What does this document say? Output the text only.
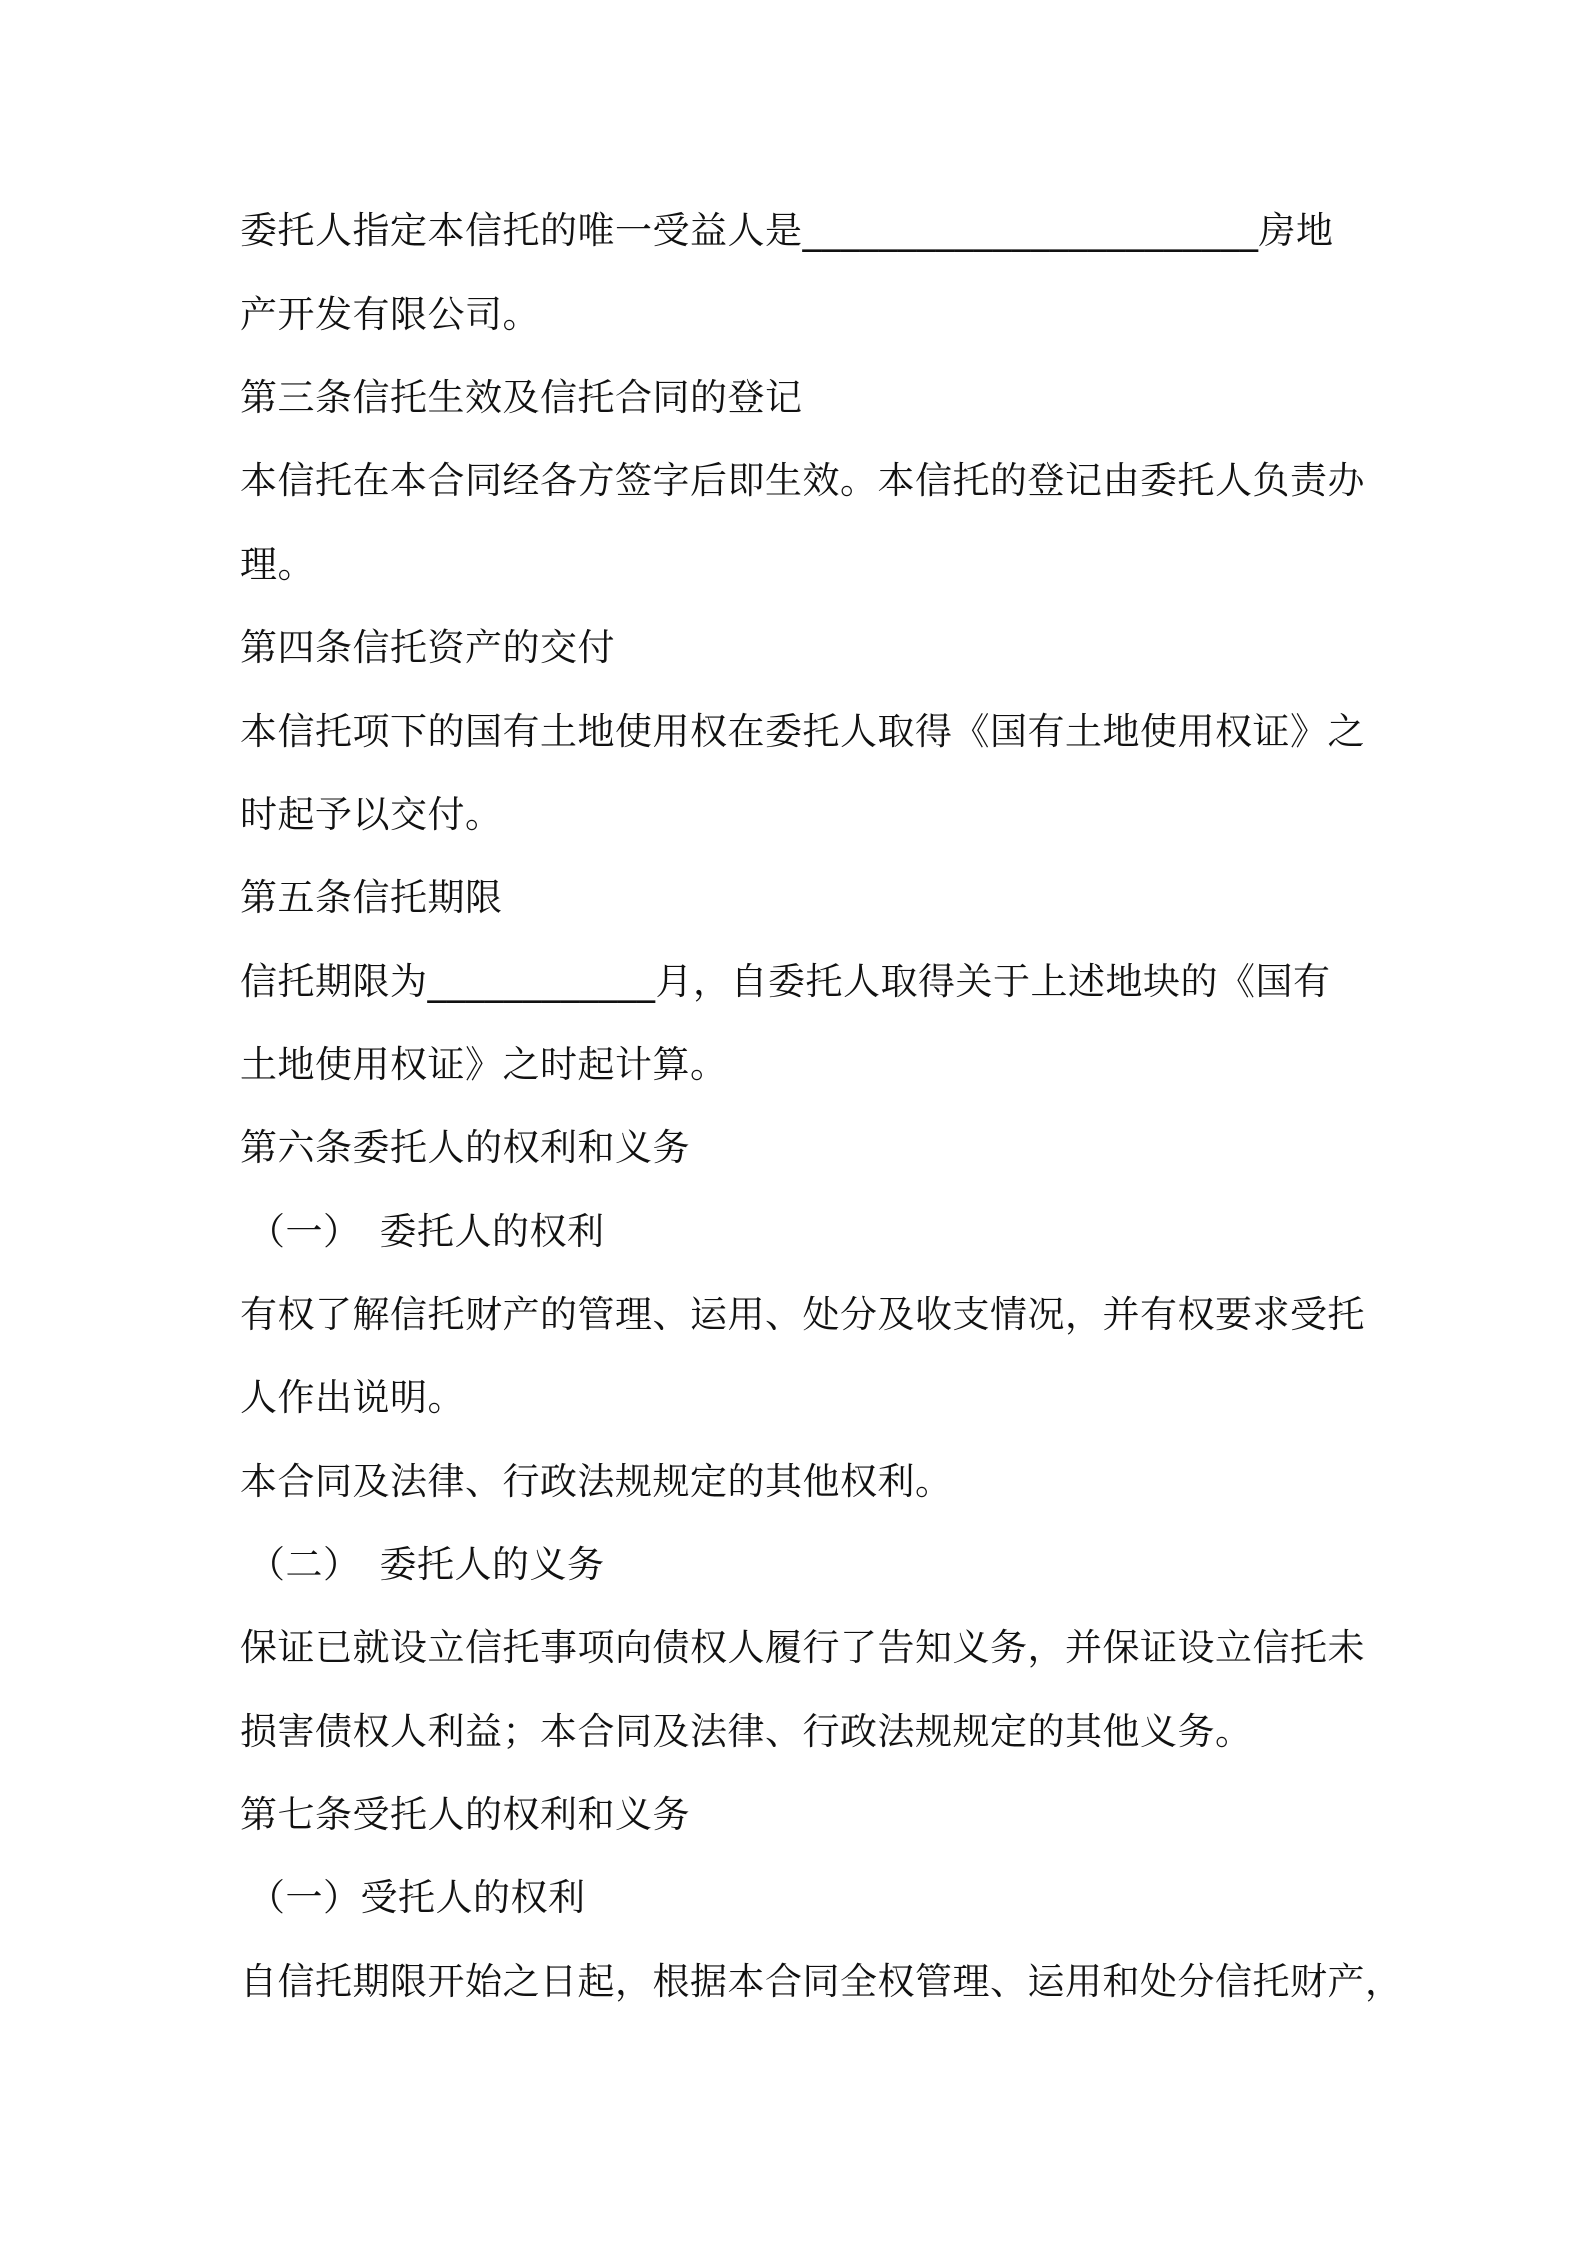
委托人指定本信托的唯一受益人是________________________房地
产开发有限公司。
第三条信托生效及信托合同的登记
本信托在本合同经各方签字后即生效。本信托的登记由委托人负责办
理。
第四条信托资产的交付
本信托项下的国有土地使用权在委托人取得《国有土地使用权证》之
时起予以交付。
第五条信托期限
信托期限为____________月，自委托人取得关于上述地块的《国有
土地使用权证》之时起计算。
第六条委托人的权利和义务
（一）　委托人的权利
有权了解信托财产的管理、运用、处分及收支情况，并有权要求受托
人作出说明。
本合同及法律、行政法规规定的其他权利。
（二）　委托人的义务
保证已就设立信托事项向债权人履行了告知义务，并保证设立信托未
损害债权人利益；本合同及法律、行政法规规定的其他义务。
第七条受托人的权利和义务
（一）受托人的权利
自信托期限开始之日起，根据本合同全权管理、运用和处分信托财产，
